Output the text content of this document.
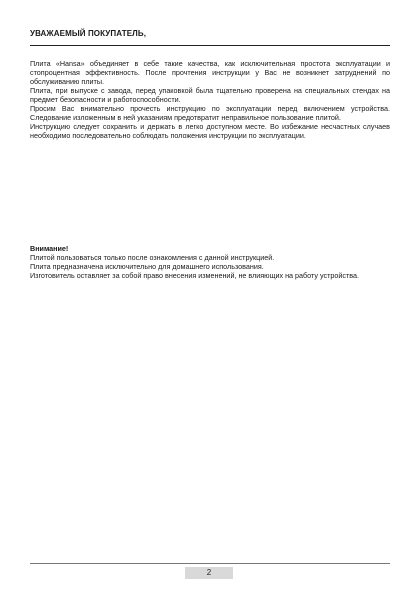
УВАЖАЕМЫЙ ПОКУПАТЕЛЬ,

Плита «Hansa» объединяет в себе такие качества, как исключительная простота эксплуатации и стопроцентная эффективность. После прочтения инструкции у Вас не возникнет затруднений по обслуживанию плиты.

Плита, при выпуске с завода, перед упаковкой была тщательно проверена на специальных стендах на предмет безопасности и работоспособности.

Просим Вас внимательно прочесть инструкцию по эксплуатации перед включением устройства. Следование изложенным в ней указаниям предотвратит неправильное пользование плитой.

Инструкцию следует сохранить и держать в легко доступном месте. Во избежание несчастных случаев необходимо последовательно соблюдать положения инструкции по эксплуатации.

Внимание!

Плитой пользоваться только после ознакомления с данной инструкцией.

Плита предназначена исключительно для домашнего использования.

Изготовитель оставляет за собой право внесения изменений, не влияющих на работу устройства.

2
